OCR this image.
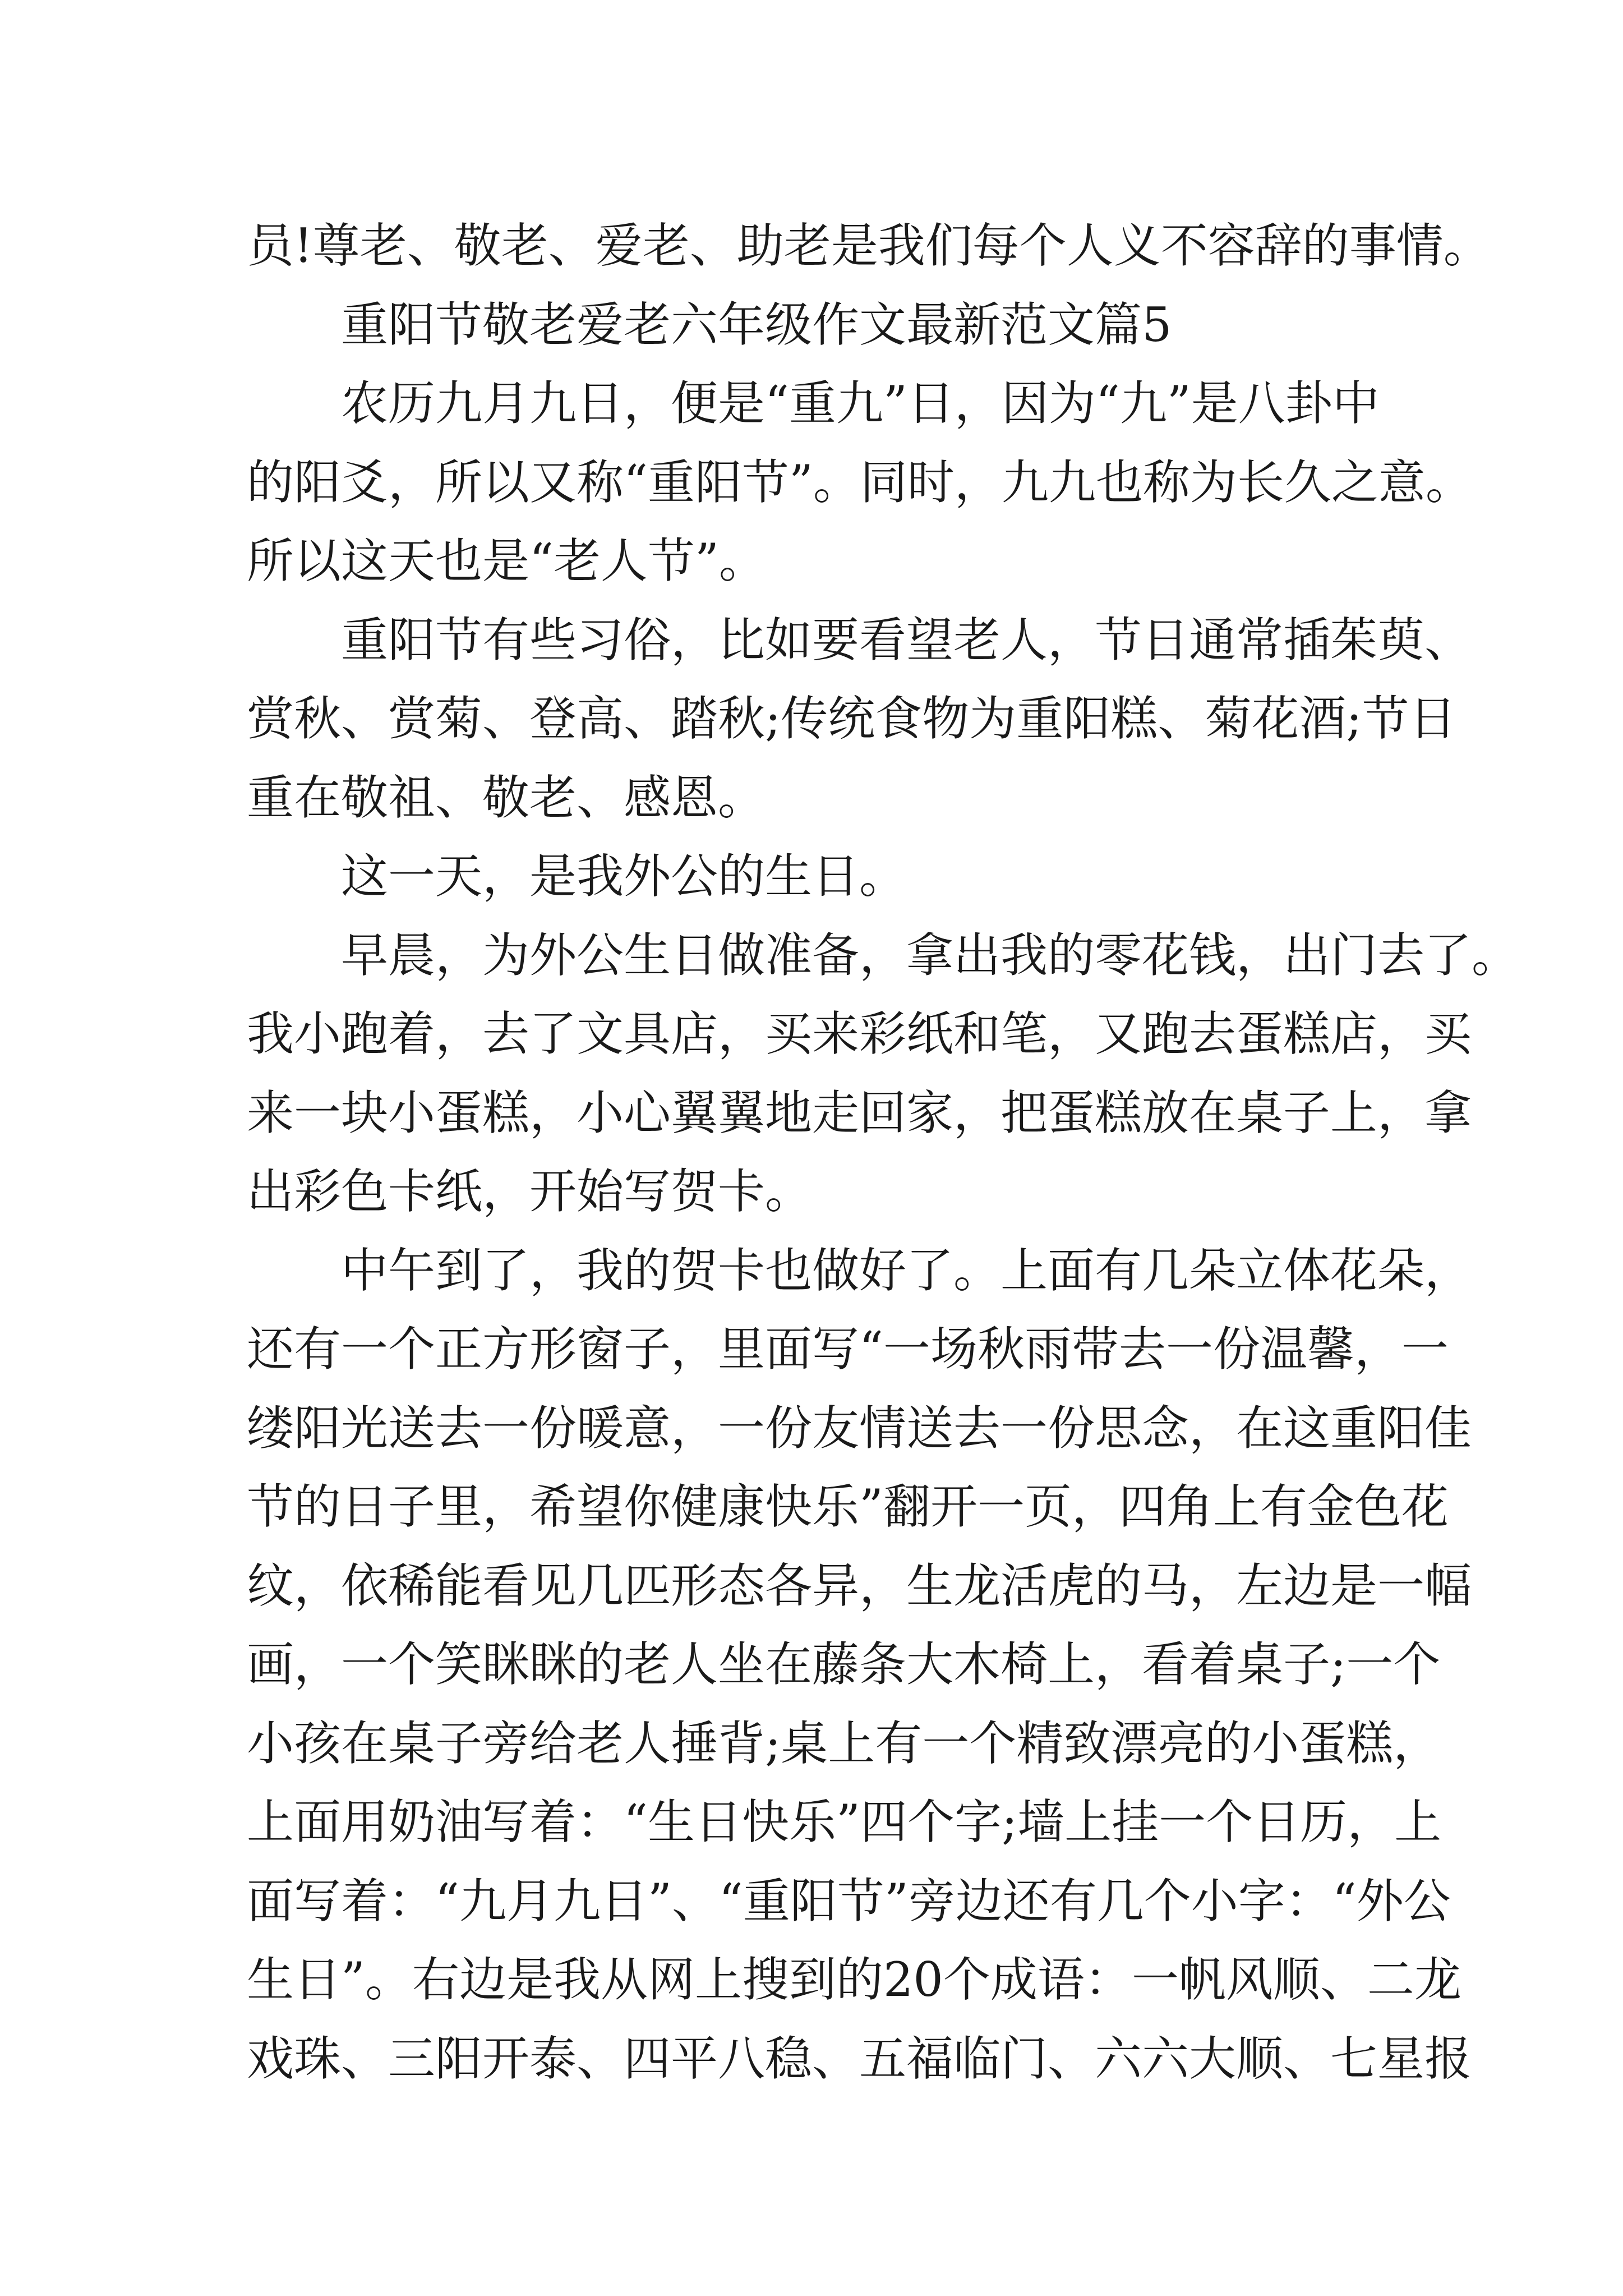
员!尊老、敬老、爱老、助老是我们每个人义不容辞的事情。
重阳节敬老爱老六年级作文最新范文篇5
农历九月九日，便是“重九”日，因为“九”是八卦中
的阳爻，所以又称“重阳节”。同时，九九也称为长久之意。
所以这天也是“老人节”。
重阳节有些习俗，比如要看望老人，节日通常插茱萸、
赏秋、赏菊、登高、踏秋;传统食物为重阳糕、菊花酒;节日
重在敬祖、敬老、感恩。
这一天，是我外公的生日。
早晨，为外公生日做准备，拿出我的零花钱，出门去了。
我小跑着，去了文具店，买来彩纸和笔，又跑去蛋糕店，买
来一块小蛋糕，小心翼翼地走回家，把蛋糕放在桌子上，拿
出彩色卡纸，开始写贺卡。
中午到了，我的贺卡也做好了。上面有几朵立体花朵，
还有一个正方形窗子，里面写“一场秋雨带去一份温馨，一
缕阳光送去一份暖意，一份友情送去一份思念，在这重阳佳
节的日子里，希望你健康快乐”翻开一页，四角上有金色花
纹，依稀能看见几匹形态各异，生龙活虎的马，左边是一幅
画，一个笑眯眯的老人坐在藤条大木椅上，看着桌子;一个
小孩在桌子旁给老人捶背;桌上有一个精致漂亮的小蛋糕，
上面用奶油写着：“生日快乐”四个字;墙上挂一个日历，上
面写着：“九月九日”、“重阳节”旁边还有几个小字：“外公
生日”。右边是我从网上搜到的20个成语：一帆风顺、二龙
戏珠、三阳开泰、四平八稳、五福临门、六六大顺、七星报
